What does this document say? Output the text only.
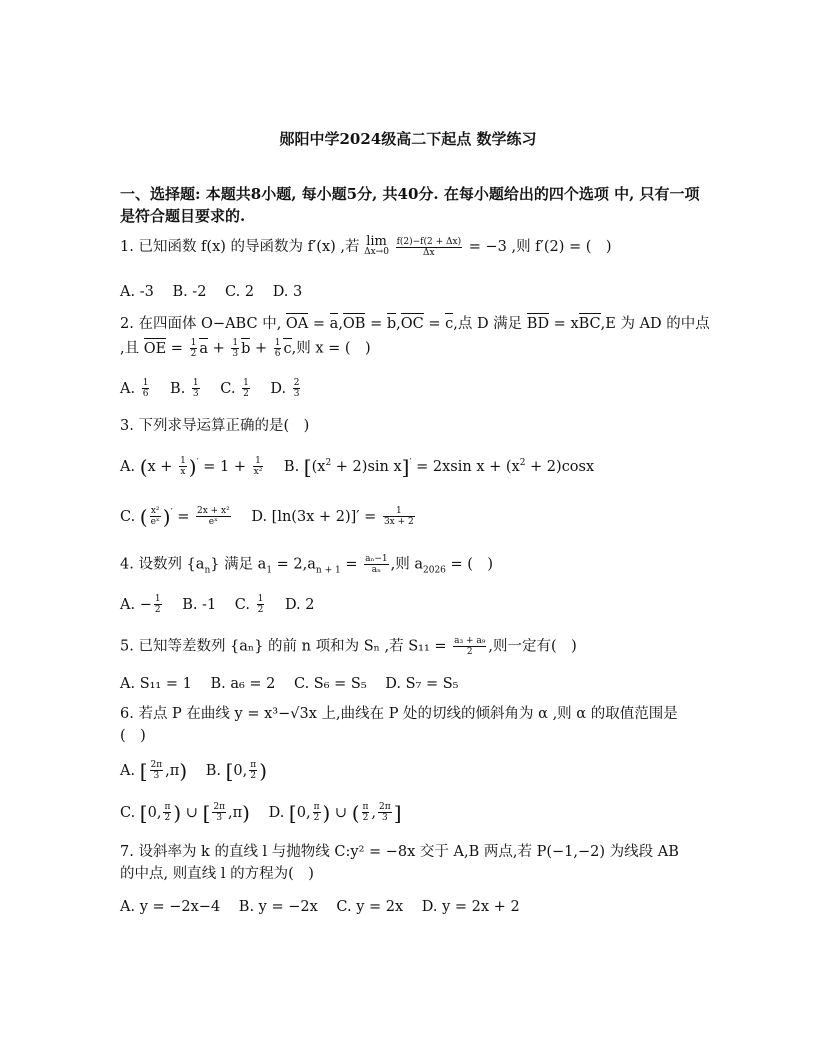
郧阳中学2024级高二下起点 数学练习
一、选择题: 本题共8小题, 每小题5分, 共40分. 在每小题给出的四个选项 中, 只有一项是符合题目要求的.
1. 已知函数 f(x) 的导函数为 f′(x) ,若 lim
Δx→0
$\frac{f(2)-f(2 + \Delta x)}{\Delta x} = -3$ ,则 f′(2) = (　)
A. -3 B. -2 C. 2 D. 3
2. 在四面体 O−ABC 中, OA = a,OB = b,OC = c,点 D 满足 BD = xBC,E 为 AD 的中点
,且 OE = $\frac{1}{2}$ $a + \frac{1}{3}$ $b + \frac{1}{6} c$,则 x = (　)
A. $\frac{1}{6} B$. $\frac{1}{3} C$. $\frac{1}{2} D$. $\frac{2}{3}$
3. 下列求导运算正确的是(　)
A. $(x + \frac{1}{x} )' = 1 + \frac{1}{\text{x²}} B$. [$(x^2 + 2)\sin$ x]′ = 2xsin $x + (x^2 + 2)\cos x$
C. ( $\frac{\text{x²}}{\text{eˣ}} )' = \frac{\text{2x + x²}}{\text{eˣ}} D$. $[\ln(3x + 2)]' = \frac{1}{3x + 2}$
4. 设数列 $\{a_n\}$ 满足 $a_1 = 2,a_{n + 1} = \frac{\text{aₙ−1}}{\text{aₙ}}$ ,则 $a_{2026}$ = (　)
A. − $\frac{1}{2} B$. -1 C. $\frac{1}{2} D$. 2
5. 已知等差数列 {aₙ} 的前 n 项和为 Sₙ ,若 $S_{11} = \frac{\text{a₃ + a₉}}{2}$ ,则一定有(　)
A. S₁₁ = 1 B. a₆ = 2 C. S₆ = S₅ D. S₇ = S₅
6. 若点 P 在曲线 y = x³−√3x 上,曲线在 P 处的切线的倾斜角为 α ,则 α 的取值范围是
(　)
A. [ $\frac{2\pi}{3} ,\pi$) B. [0, $\frac{\pi}{2}$ )
C. [0, $\frac{\pi}{2}$ ) ∪ [ $\frac{2\pi}{3} ,\pi$) D. [0, $\frac{\pi}{2}$ ) ∪ ( $\frac{\pi}{2}$ , $\frac{2\pi}{3}$ ]
7. 设斜率为 k 的直线 l 与抛物线 C:y² = −8x 交于 A,B 两点,若 P(−1,−2) 为线段 AB
的中点, 则直线 l 的方程为(　)
A. y = −2x−4 B. y = −2x C. y = 2x D. y = 2x + 2
